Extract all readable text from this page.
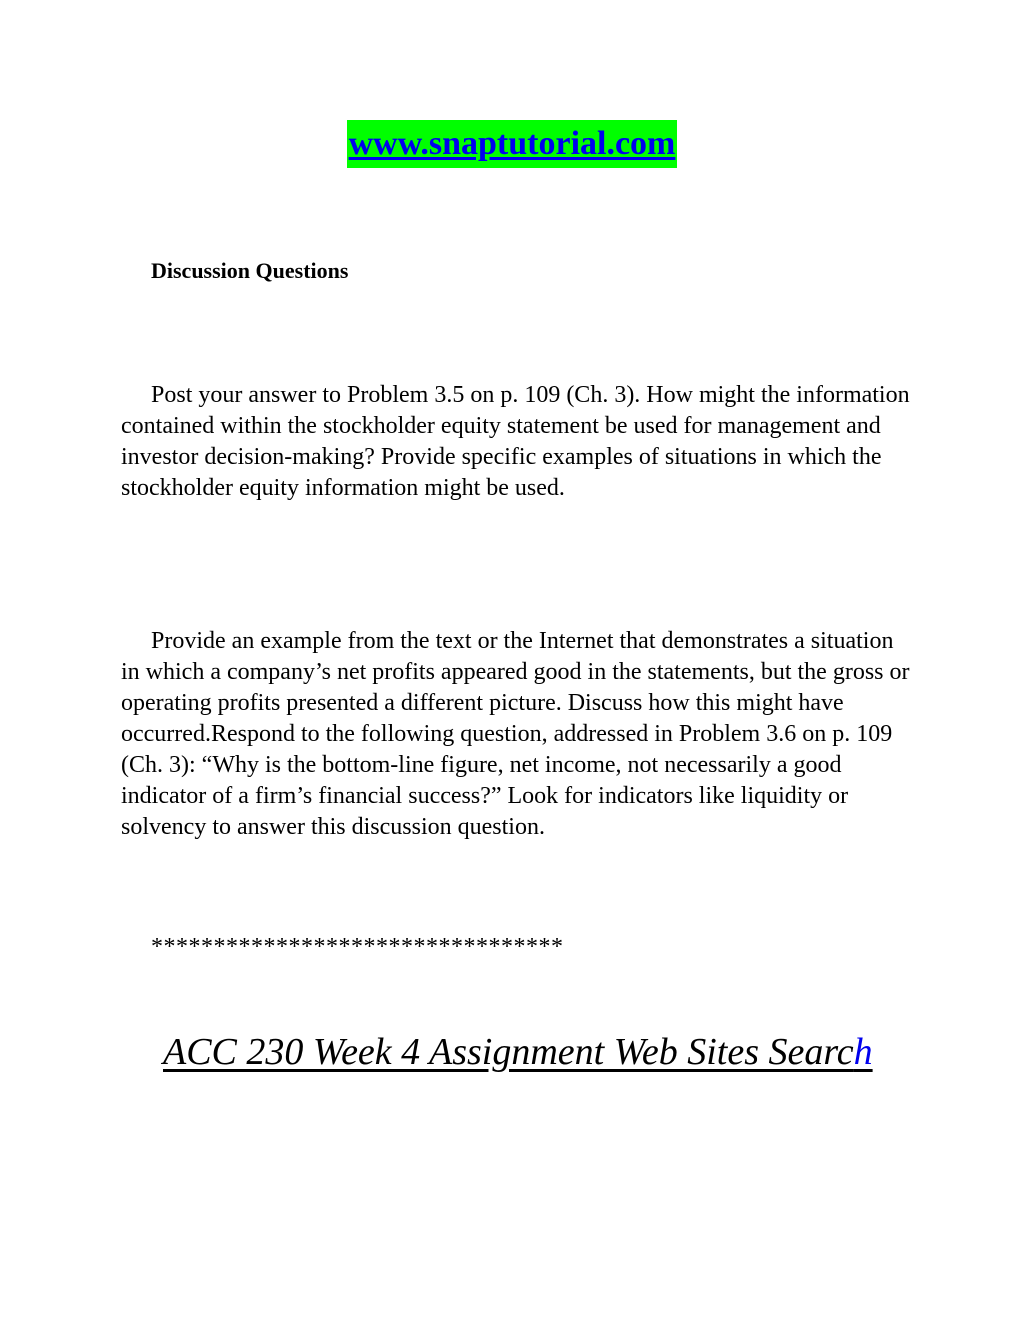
www.snaptutorial.com
Discussion Questions

Post your answer to Problem 3.5 on p. 109 (Ch. 3). How might the information contained within the stockholder equity statement be used for management and investor decision-making? Provide specific examples of situations in which the stockholder equity information might be used.

Provide an example from the text or the Internet that demonstrates a situation in which a company’s net profits appeared good in the statements, but the gross or operating profits presented a different picture. Discuss how this might have occurred.Respond to the following question, addressed in Problem 3.6 on p. 109 (Ch. 3): “Why is the bottom-line figure, net income, not necessarily a good indicator of a firm’s financial success?” Look for indicators like liquidity or solvency to answer this discussion question.

*********************************
ACC 230 Week 4 Assignment Web Sites Search
